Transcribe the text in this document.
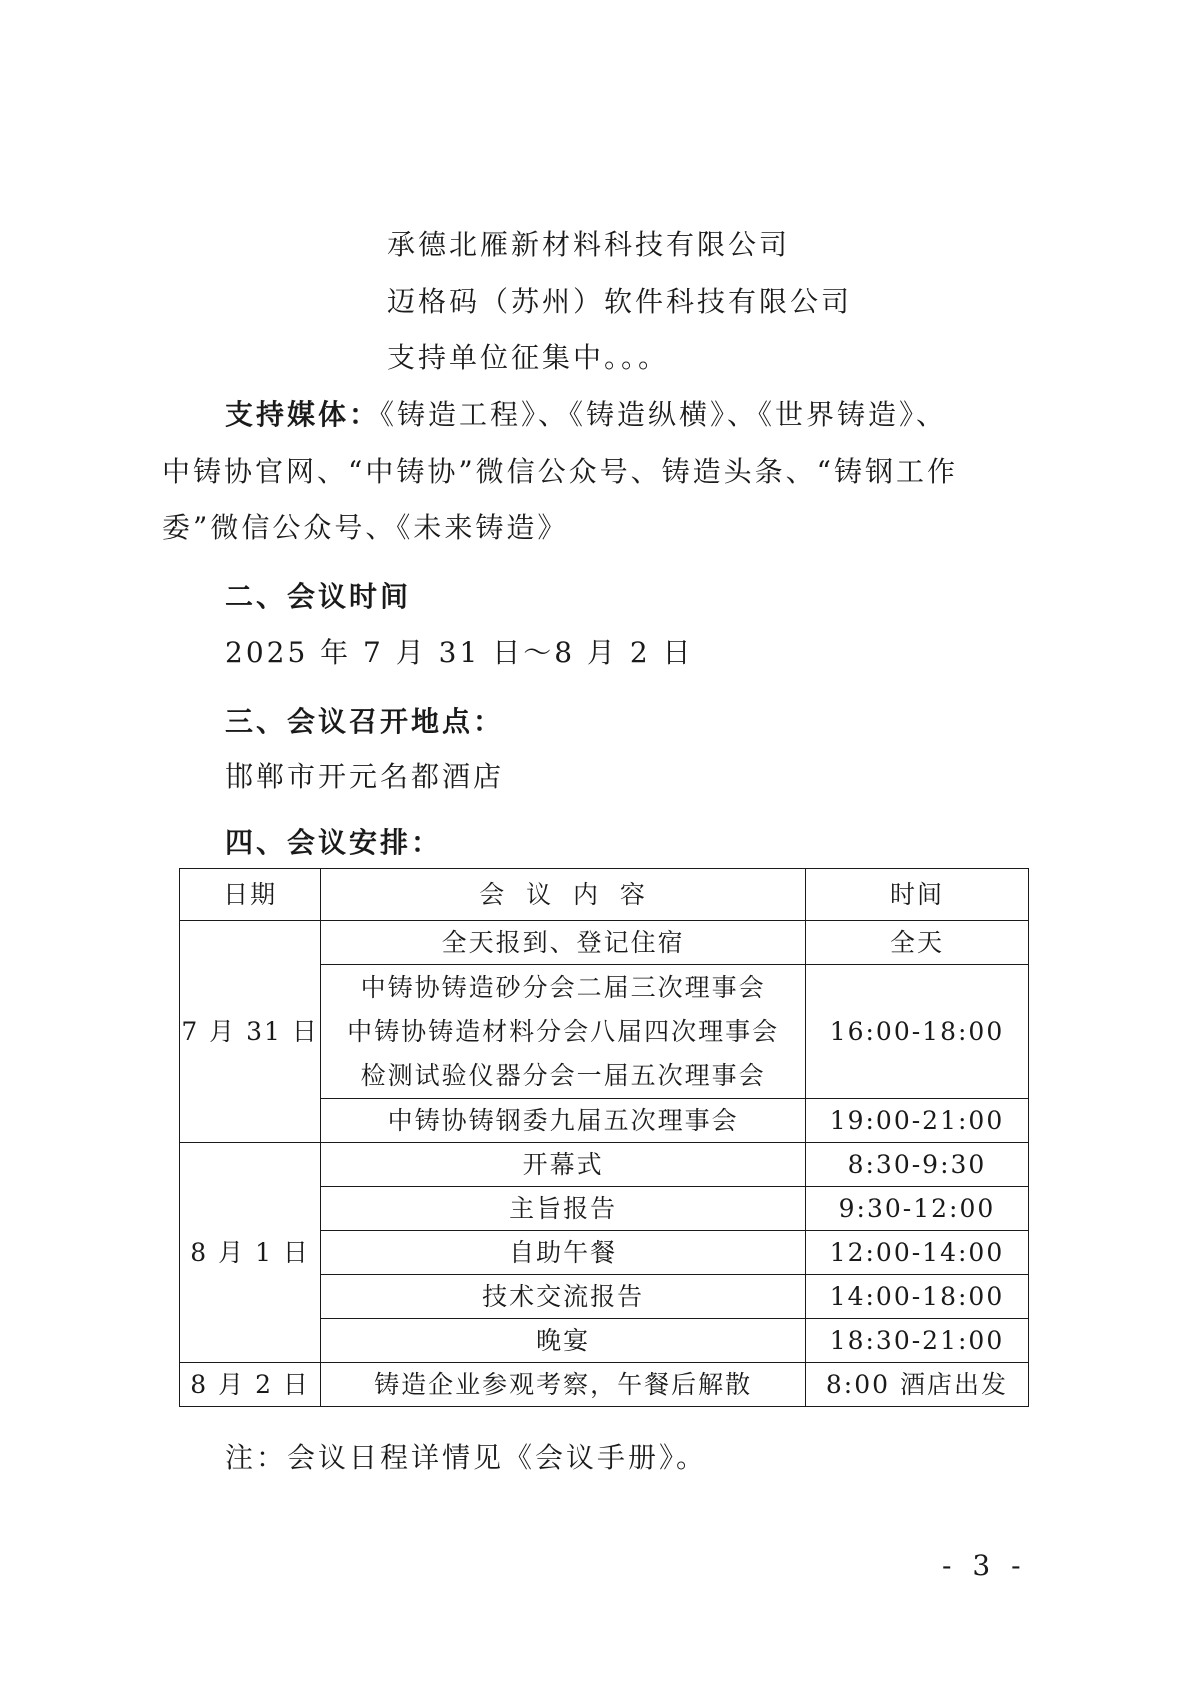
承德北雁新材料科技有限公司
迈格码（苏州）软件科技有限公司
支持单位征集中。。。
支持媒体：《铸造工程》、《铸造纵横》、《世界铸造》、
中铸协官网、“中铸协”微信公众号、铸造头条、“铸钢工作
委”微信公众号、《未来铸造》
二、会议时间
2025 年 7 月 31 日～8 月 2 日
三、会议召开地点：
邯郸市开元名都酒店
四、会议安排：
日期	会  议  内  容	时间
7 月 31 日	全天报到、登记住宿	全天

	中铸协铸造砂分会二届三次理事会
中铸协铸造材料分会八届四次理事会
检测试验仪器分会一届五次理事会	16:00-18:00
	中铸协铸钢委九届五次理事会	19:00-21:00
8 月 1 日	开幕式	8:30-9:30
	主旨报告	9:30-12:00
	自助午餐	12:00-14:00
	技术交流报告	14:00-18:00
	晚宴	18:30-21:00
8 月 2 日	铸造企业参观考察，午餐后解散	8:00 酒店出发
注：会议日程详情见《会议手册》。
- 3 -
